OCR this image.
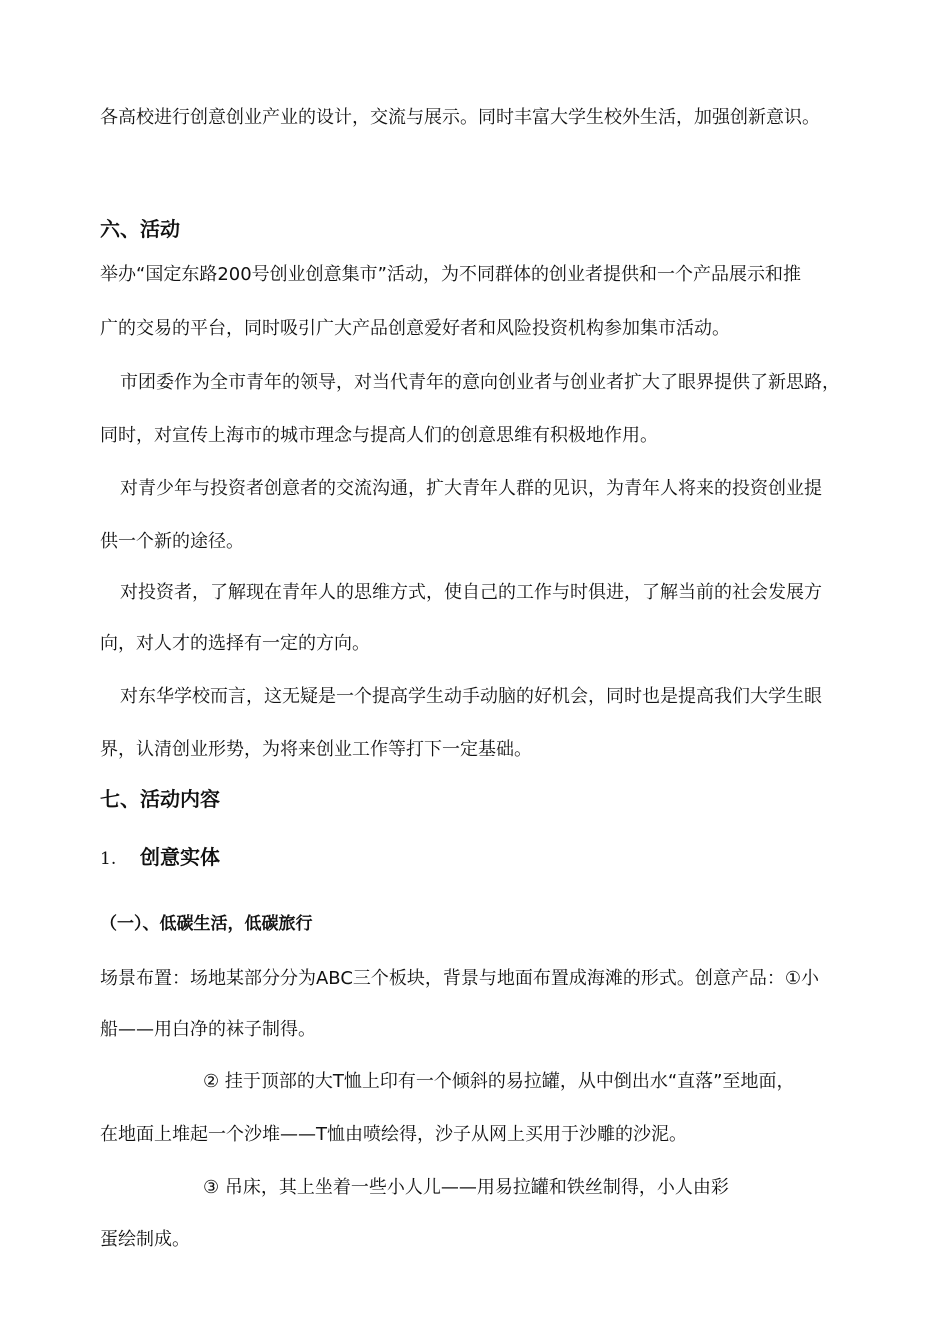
各高校进行创意创业产业的设计，交流与展示。同时丰富大学生校外生活，加强创新意识。
六、活动
举办“国定东路200号创业创意集市”活动，为不同群体的创业者提供和一个产品展示和推
广的交易的平台，同时吸引广大产品创意爱好者和风险投资机构参加集市活动。
市团委作为全市青年的领导，对当代青年的意向创业者与创业者扩大了眼界提供了新思路，
同时，对宣传上海市的城市理念与提高人们的创意思维有积极地作用。
对青少年与投资者创意者的交流沟通，扩大青年人群的见识，为青年人将来的投资创业提
供一个新的途径。
对投资者，了解现在青年人的思维方式，使自己的工作与时俱进，了解当前的社会发展方
向，对人才的选择有一定的方向。
对东华学校而言，这无疑是一个提高学生动手动脑的好机会，同时也是提高我们大学生眼
界，认清创业形势，为将来创业工作等打下一定基础。
七、活动内容
1. 创意实体
（一）、低碳生活，低碳旅行
场景布置：场地某部分分为ABC三个板块，背景与地面布置成海滩的形式。创意产品：①小
船——用白净的袜子制得。
② 挂于顶部的大T恤上印有一个倾斜的易拉罐，从中倒出水“直落”至地面，
在地面上堆起一个沙堆——T恤由喷绘得，沙子从网上买用于沙雕的沙泥。
③ 吊床，其上坐着一些小人儿——用易拉罐和铁丝制得，小人由彩
蛋绘制成。
